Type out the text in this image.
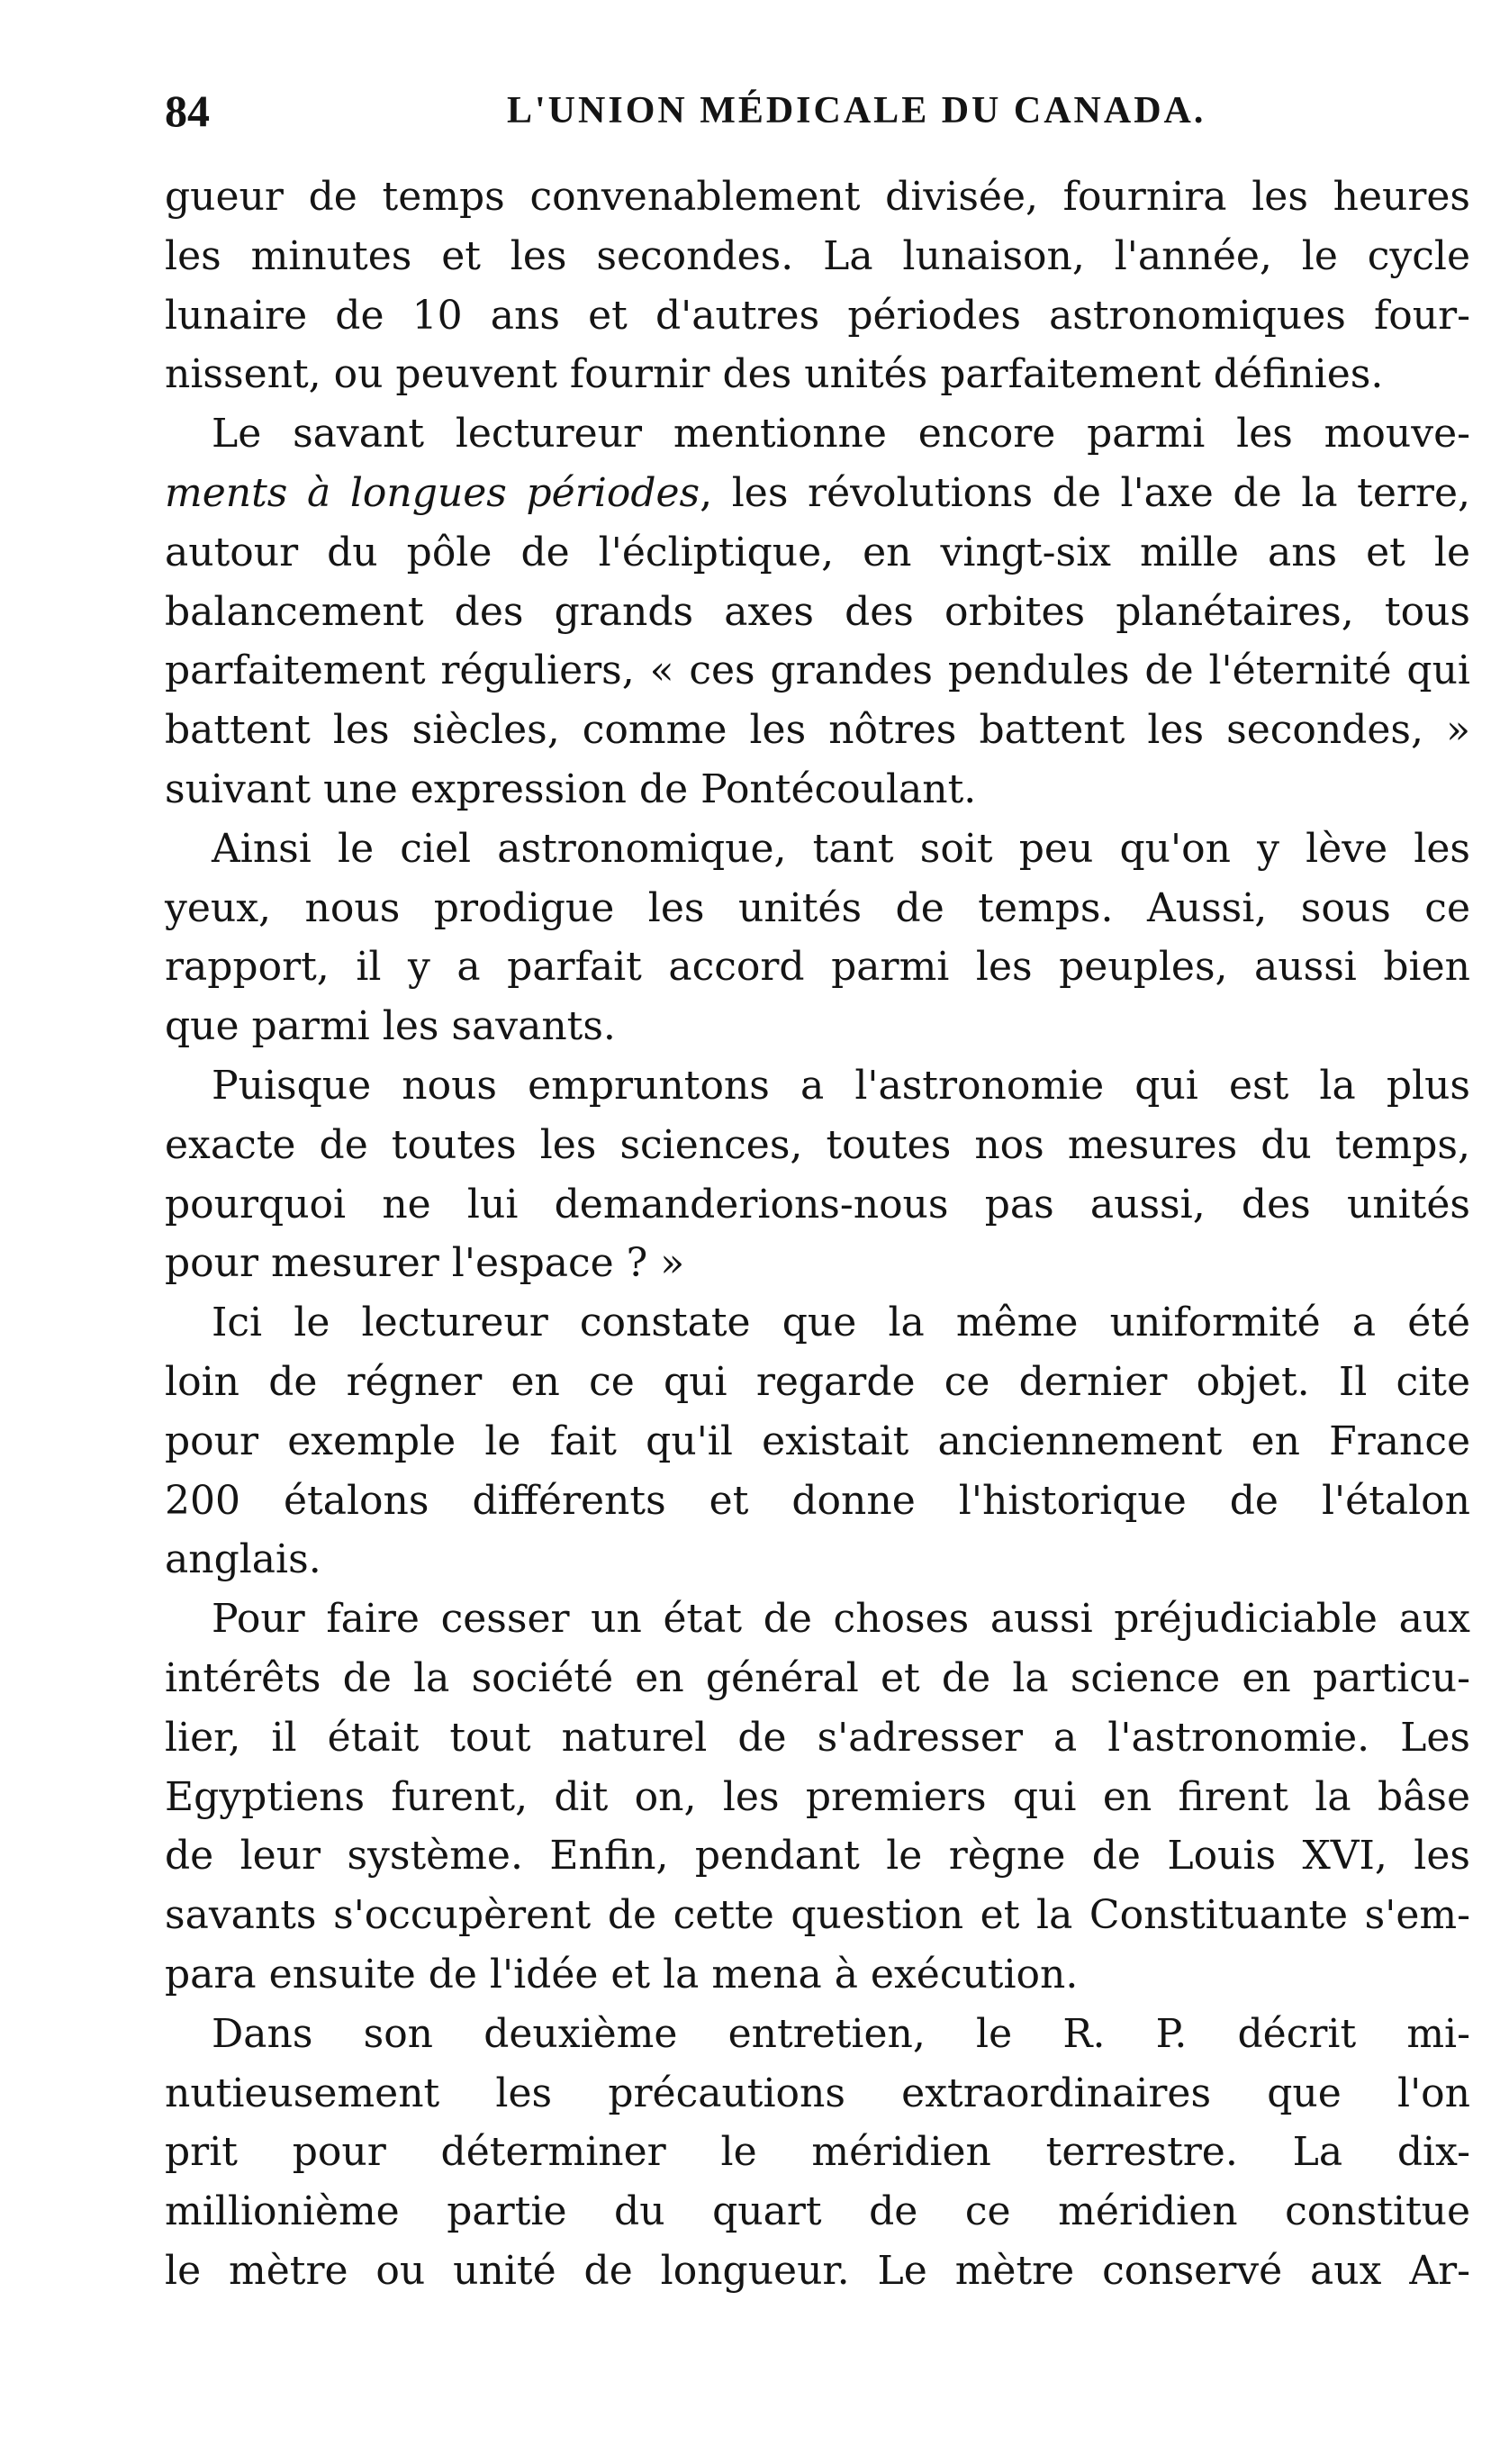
84	L'UNION MÉDICALE DU CANADA.
gueur de temps convenablement divisée, fournira les heures
les minutes et les secondes. La lunaison, l'année, le cycle
lunaire de 10 ans et d'autres périodes astronomiques four-
nissent, ou peuvent fournir des unités parfaitement définies.
Le savant lectureur mentionne encore parmi les mouve-
ments à longues périodes, les révolutions de l'axe de la terre,
autour du pôle de l'écliptique, en vingt-six mille ans et le
balancement des grands axes des orbites planétaires, tous
parfaitement réguliers, « ces grandes pendules de l'éternité qui
battent les siècles, comme les nôtres battent les secondes, »
suivant une expression de Pontécoulant.
Ainsi le ciel astronomique, tant soit peu qu'on y lève les
yeux, nous prodigue les unités de temps. Aussi, sous ce
rapport, il y a parfait accord parmi les peuples, aussi bien
que parmi les savants.
Puisque nous empruntons a l'astronomie qui est la plus
exacte de toutes les sciences, toutes nos mesures du temps,
pourquoi ne lui demanderions-nous pas aussi, des unités
pour mesurer l'espace ? »
Ici le lectureur constate que la même uniformité a été
loin de régner en ce qui regarde ce dernier objet. Il cite
pour exemple le fait qu'il existait anciennement en France
200 étalons différents et donne l'historique de l'étalon
anglais.
Pour faire cesser un état de choses aussi préjudiciable aux
intérêts de la société en général et de la science en particu-
lier, il était tout naturel de s'adresser a l'astronomie. Les
Egyptiens furent, dit on, les premiers qui en firent la bâse
de leur système. Enfin, pendant le règne de Louis XVI, les
savants s'occupèrent de cette question et la Constituante s'em-
para ensuite de l'idée et la mena à exécution.
Dans son deuxième entretien, le R. P. décrit mi-
nutieusement les précautions extraordinaires que l'on
prit pour déterminer le méridien terrestre. La dix-
millionième partie du quart de ce méridien constitue
le mètre ou unité de longueur. Le mètre conservé aux Ar-
